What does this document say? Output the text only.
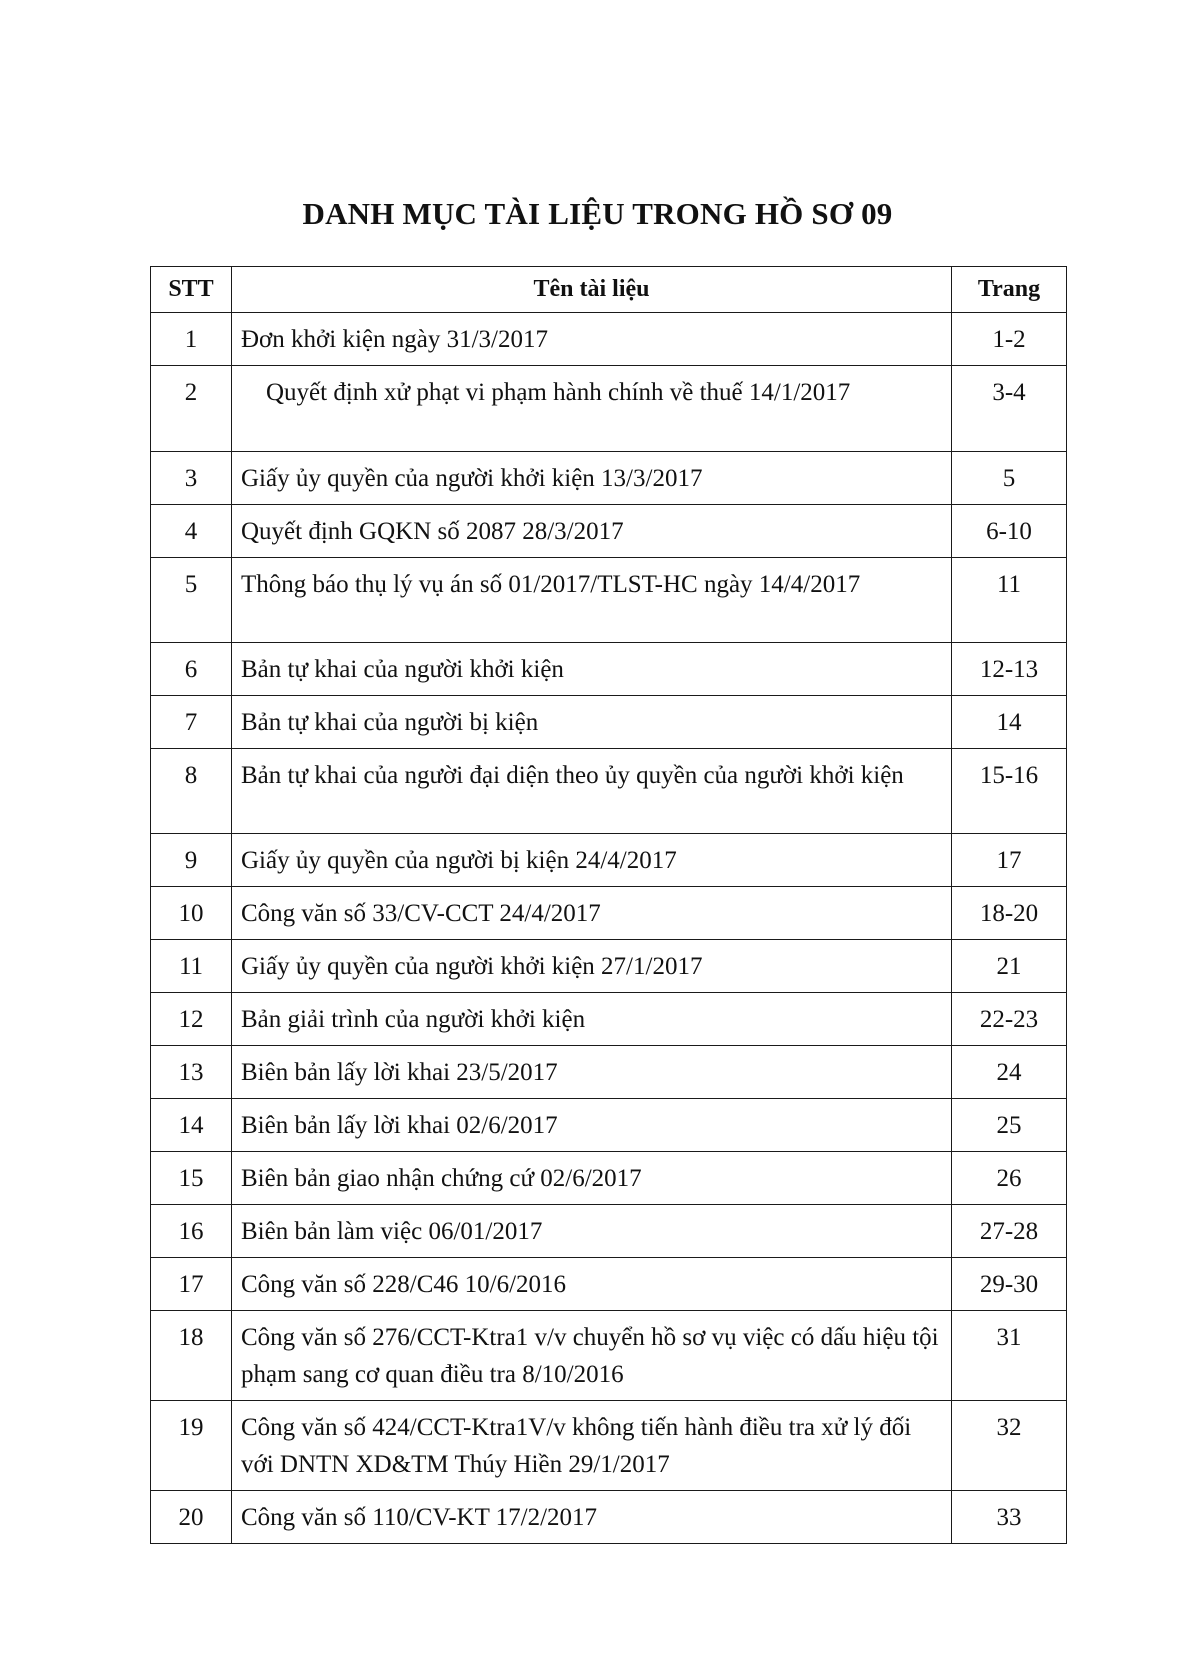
DANH MỤC TÀI LIỆU TRONG HỒ SƠ 09
STT	Tên tài liệu	Trang
1	Đơn khởi kiện ngày 31/3/2017	1-2
2	Quyết định xử phạt vi phạm hành chính về thuế 14/1/2017	3-4
3	Giấy ủy quyền của người khởi kiện 13/3/2017	5
4	Quyết định GQKN số 2087 28/3/2017	6-10
5	Thông báo thụ lý vụ án số 01/2017/TLST-HC ngày 14/4/2017	11
6	Bản tự khai của người khởi kiện	12-13
7	Bản tự khai của người bị kiện	14
8	Bản tự khai của người đại diện theo ủy quyền của người khởi kiện	15-16
9	Giấy ủy quyền của người bị kiện 24/4/2017	17
10	Công văn số 33/CV-CCT 24/4/2017	18-20
11	Giấy ủy quyền của người khởi kiện 27/1/2017	21
12	Bản giải trình của người khởi kiện	22-23
13	Biên bản lấy lời khai 23/5/2017	24
14	Biên bản lấy lời khai 02/6/2017	25
15	Biên bản giao nhận chứng cứ 02/6/2017	26
16	Biên bản làm việc 06/01/2017	27-28
17	Công văn số 228/C46 10/6/2016	29-30
18	Công văn số 276/CCT-Ktra1 v/v chuyển hồ sơ vụ việc có dấu hiệu tội phạm sang cơ quan điều tra 8/10/2016	31
19	Công văn số 424/CCT-Ktra1V/v không tiến hành điều tra xử lý đối với DNTN XD&TM Thúy Hiền 29/1/2017	32
20	Công văn số 110/CV-KT 17/2/2017	33
